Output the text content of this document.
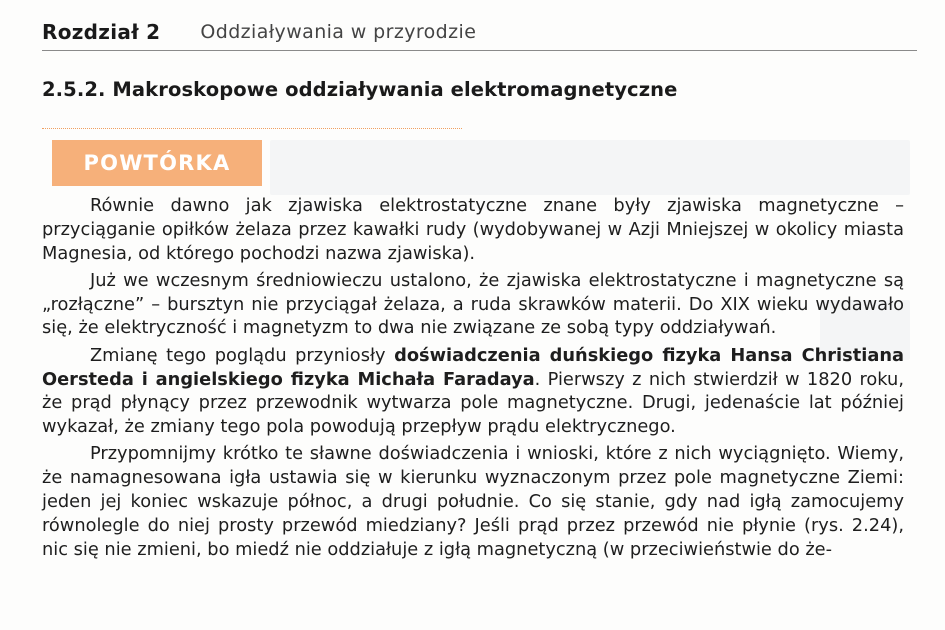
Rozdział 2 Oddziaływania w przyrodzie
2.5.2. Makroskopowe oddziaływania elektromagnetyczne
POWTÓRKA

Równie dawno jak zjawiska elektrostatyczne znane były zjawiska magnetyczne – przyciąganie opiłków żelaza przez kawałki rudy (wydobywanej w Azji Mniejszej w okolicy miasta Magnesia, od którego pochodzi nazwa zjawiska).

Już we wczesnym średniowieczu ustalono, że zjawiska elektrostatyczne i magnetyczne są „rozłączne” – bursztyn nie przyciągał żelaza, a ruda skrawków materii. Do XIX wieku wydawało się, że elektryczność i magnetyzm to dwa nie związane ze sobą typy oddziaływań.

Zmianę tego poglądu przyniosły doświadczenia duńskiego fizyka Hansa Christiana Oersteda i angielskiego fizyka Michała Faradaya. Pierwszy z nich stwierdził w 1820 roku, że prąd płynący przez przewodnik wytwarza pole magnetyczne. Drugi, jedenaście lat później wykazał, że zmiany tego pola powodują przepływ prądu elektrycznego.

Przypomnijmy krótko te sławne doświadczenia i wnioski, które z nich wyciągnięto. Wiemy, że namagnesowana igła ustawia się w kierunku wyznaczonym przez pole magnetyczne Ziemi: jeden jej koniec wskazuje północ, a drugi południe. Co się stanie, gdy nad igłą zamocujemy równolegle do niej prosty przewód miedziany? Jeśli prąd przez przewód nie płynie (rys. 2.24), nic się nie zmieni, bo miedź nie oddziałuje z igłą magnetyczną (w przeciwieństwie do że-
